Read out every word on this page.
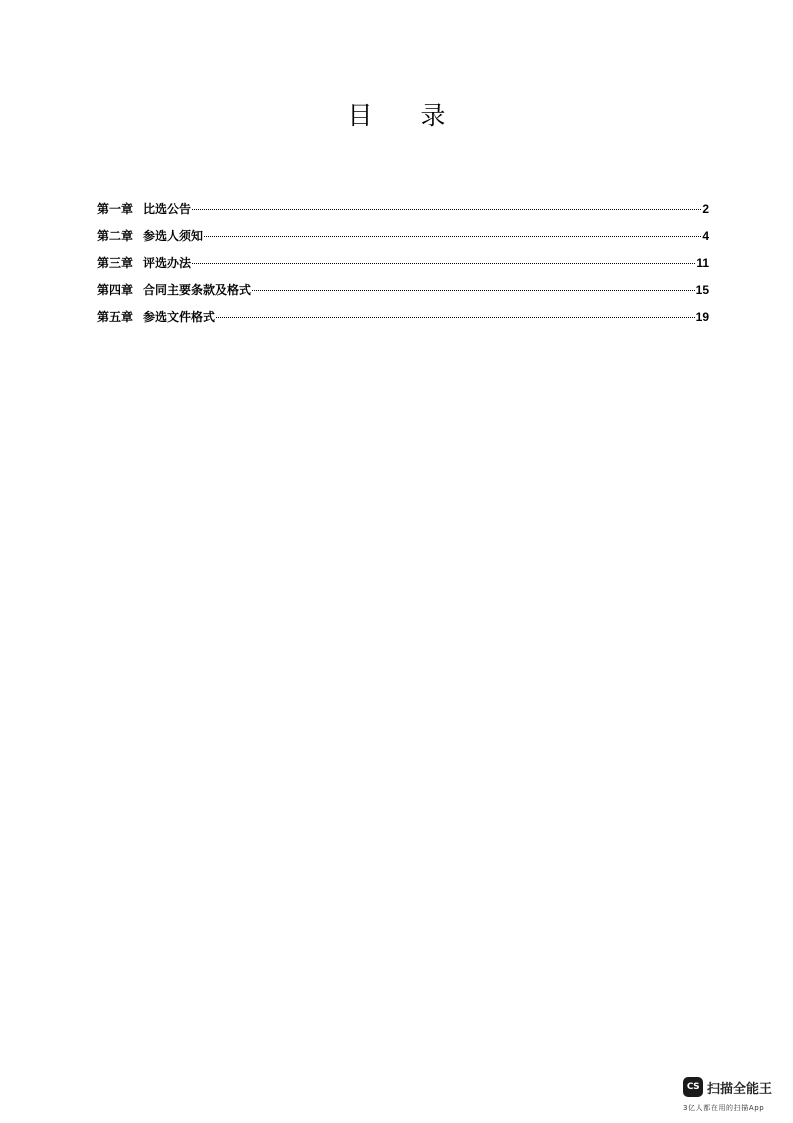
目 录
第一章 比选公告	2
第二章 参选人须知	4
第三章 评选办法	11
第四章 合同主要条款及格式	15
第五章 参选文件格式	19
CS 扫描全能王
3亿人都在用的扫描App
